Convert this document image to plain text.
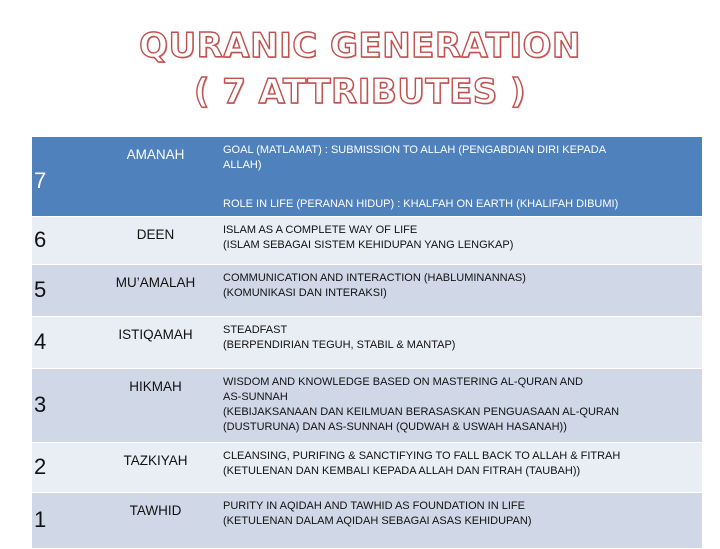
QURANIC GENERATION
( 7 ATTRIBUTES )
7	AMANAH	GOAL (MATLAMAT) : SUBMISSION TO ALLAH (PENGABDIAN DIRI KEPADA
ALLAH)
ROLE IN LIFE (PERANAN HIDUP) : KHALFAH ON EARTH (KHALIFAH DIBUMI)

6	DEEN	ISLAM AS A COMPLETE WAY OF LIFE
(ISLAM SEBAGAI SISTEM KEHIDUPAN YANG LENGKAP)

5	MU’AMALAH	COMMUNICATION AND INTERACTION (HABLUMINANNAS)
(KOMUNIKASI DAN INTERAKSI)

4	ISTIQAMAH	STEADFAST
(BERPENDIRIAN TEGUH, STABIL & MANTAP)

3	HIKMAH	WISDOM AND KNOWLEDGE BASED ON MASTERING AL-QURAN AND
AS-SUNNAH
(KEBIJAKSANAAN DAN KEILMUAN BERASASKAN PENGUASAAN AL-QURAN
(DUSTURUNA) DAN AS-SUNNAH (QUDWAH & USWAH HASANAH))

2	TAZKIYAH	CLEANSING, PURIFING & SANCTIFYING TO FALL BACK TO ALLAH & FITRAH
(KETULENAN DAN KEMBALI KEPADA ALLAH DAN FITRAH (TAUBAH))

1	TAWHID	PURITY IN AQIDAH AND TAWHID AS FOUNDATION IN LIFE
(KETULENAN DALAM AQIDAH SEBAGAI ASAS KEHIDUPAN)
